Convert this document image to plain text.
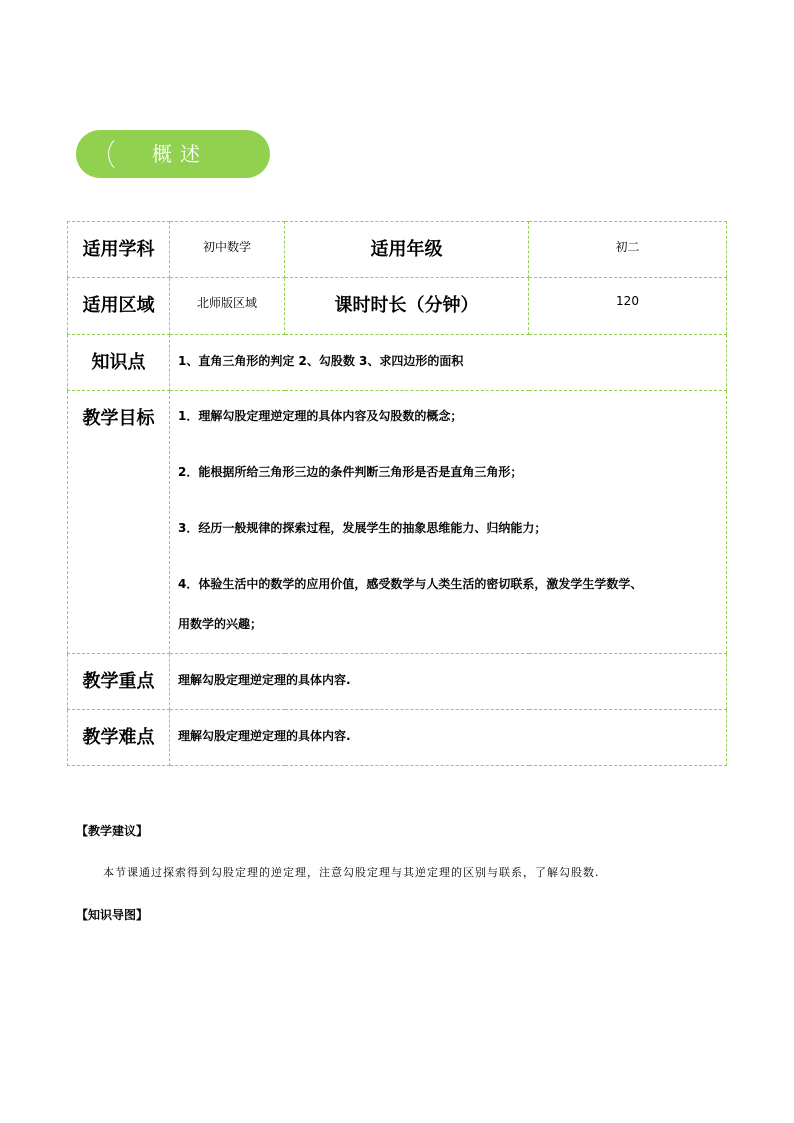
概述
适用学科	初中数学	适用年级	初二
适用区域	北师版区域	课时时长（分钟）	120
知识点	1、直角三角形的判定 2、勾股数 3、求四边形的面积		
教学目标	1．理解勾股定理逆定理的具体内容及勾股数的概念；

2．能根据所给三角形三边的条件判断三角形是否是直角三角形；

3．经历一般规律的探索过程，发展学生的抽象思维能力、归纳能力；

4．体验生活中的数学的应用价值，感受数学与人类生活的密切联系，激发学生学数学、

用数学的兴趣；		

教学重点	理解勾股定理逆定理的具体内容.		
教学难点	理解勾股定理逆定理的具体内容.		
【教学建议】
本节课通过探索得到勾股定理的逆定理，注意勾股定理与其逆定理的区别与联系，了解勾股数.
【知识导图】
